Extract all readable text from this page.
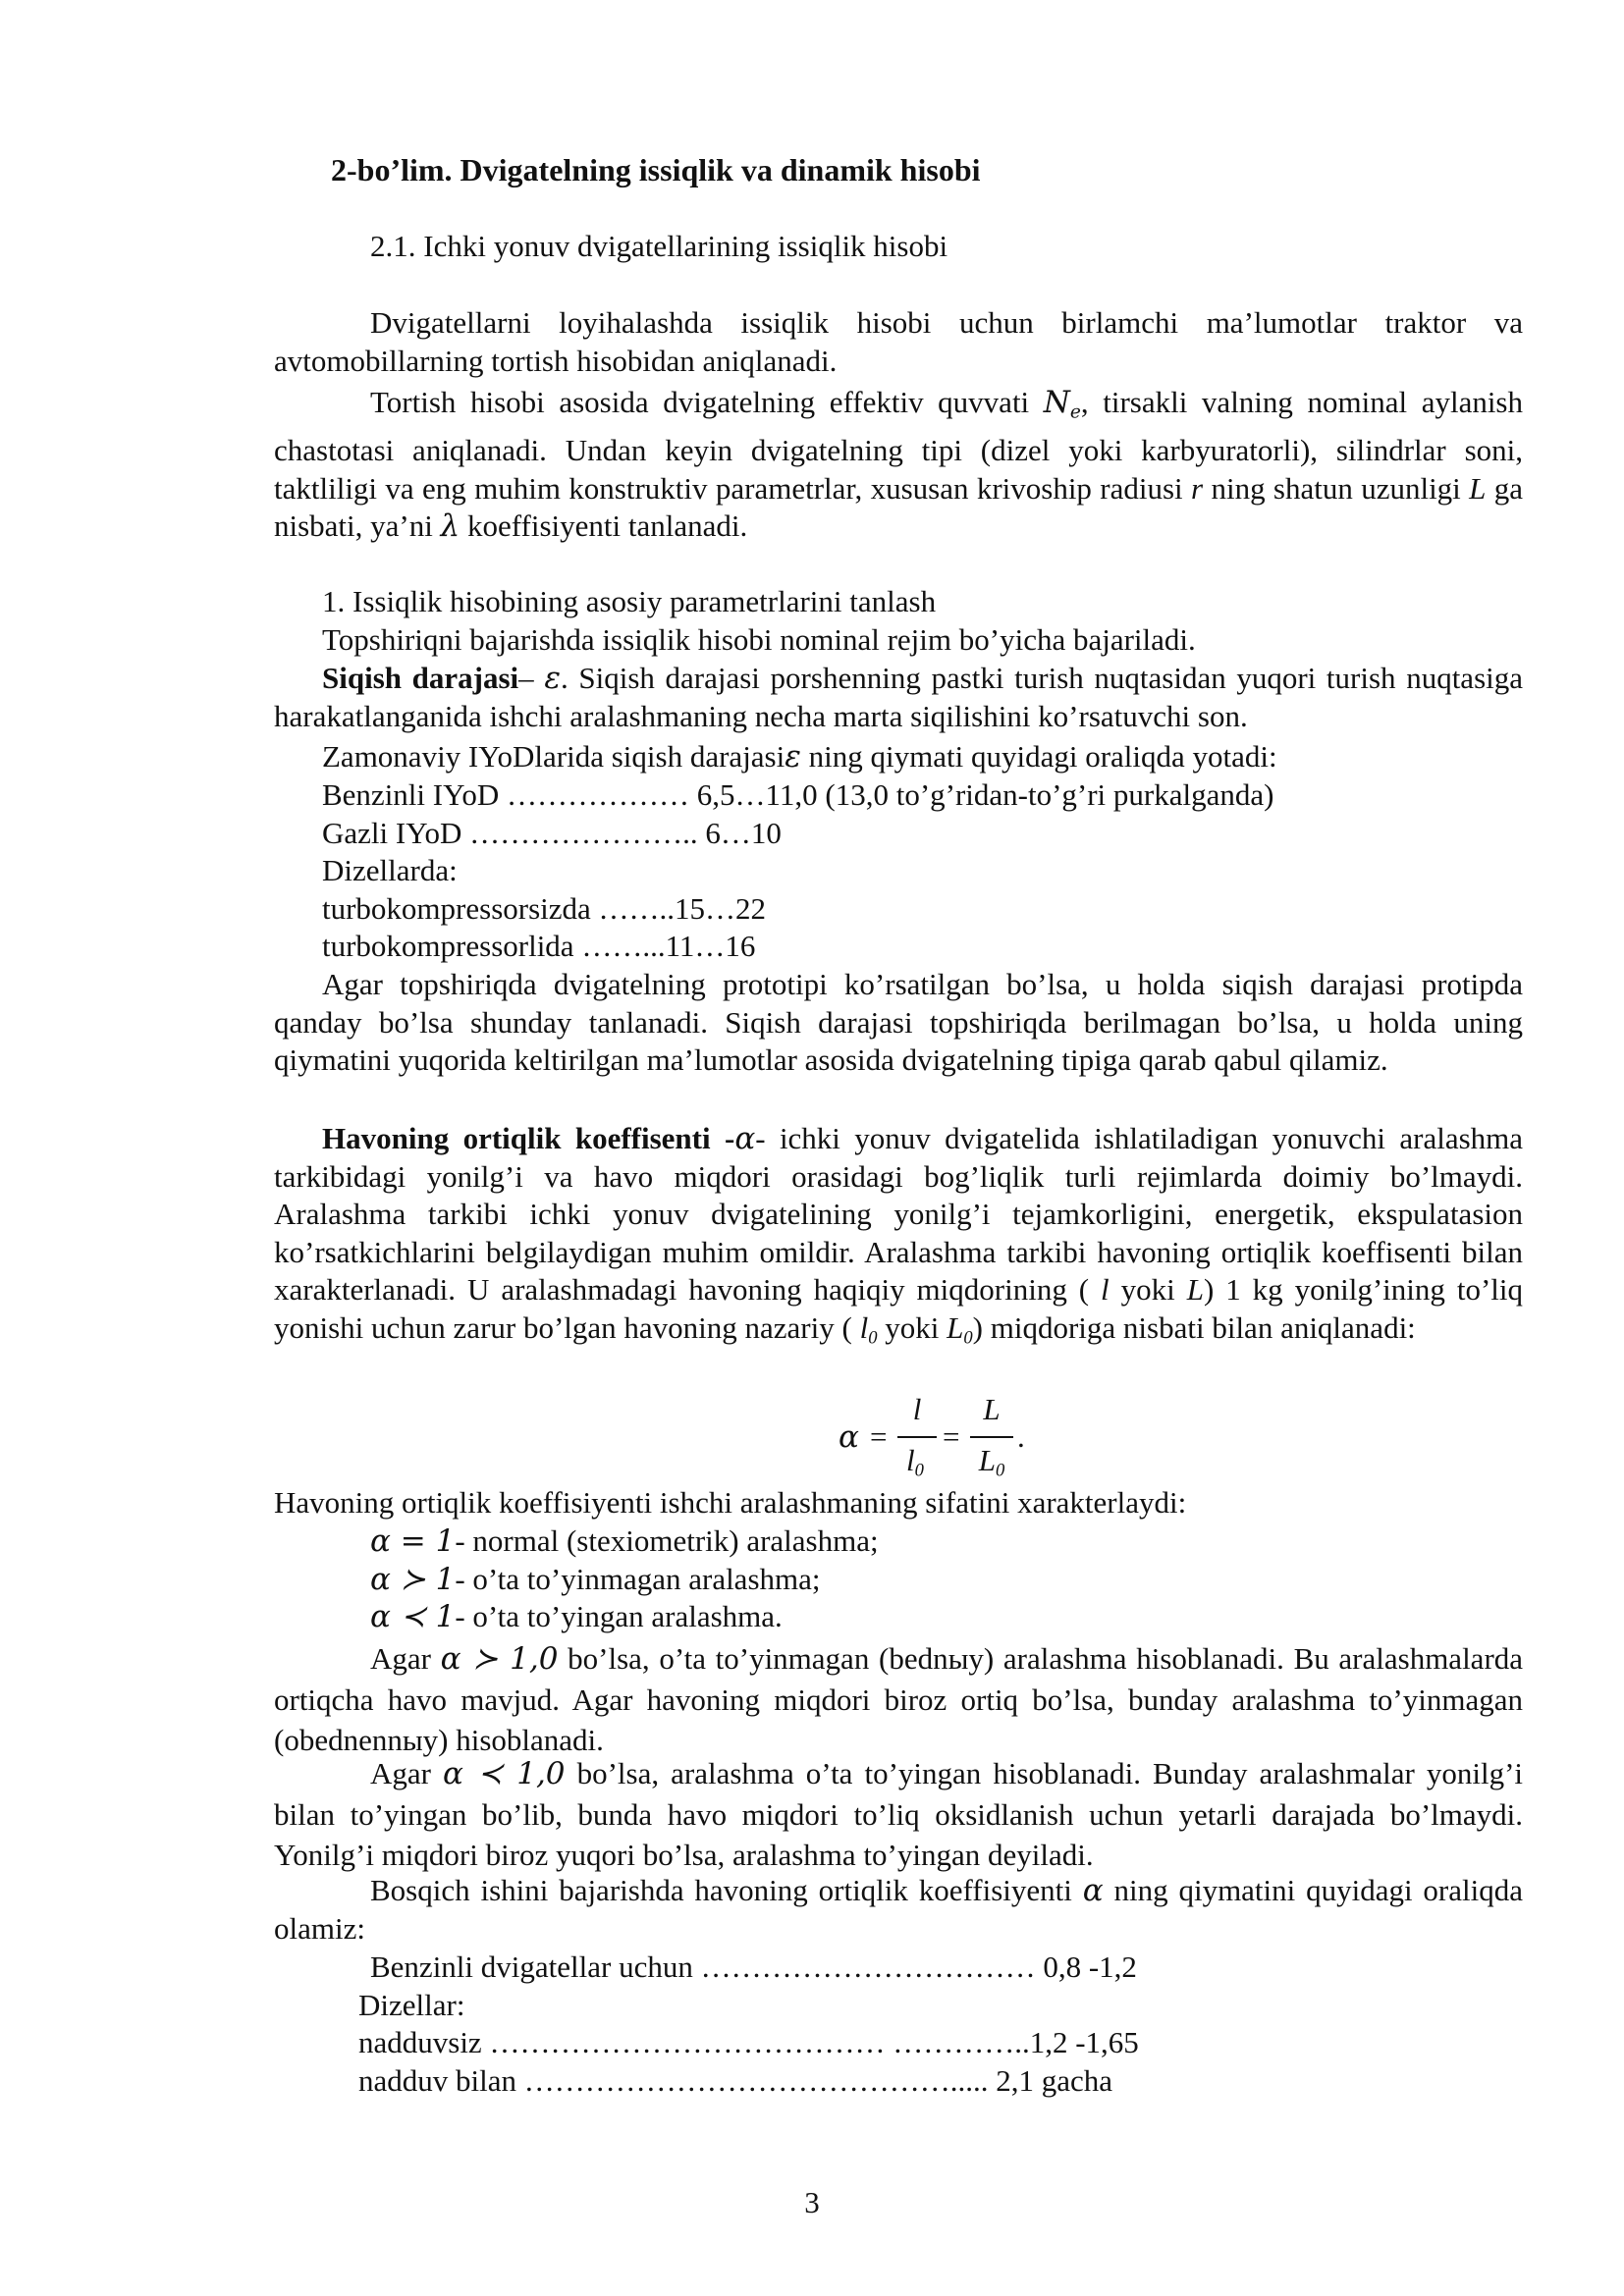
2-bo’lim. Dvigatelning issiqlik va dinamik hisobi

2.1. Ichki yonuv dvigatellarining issiqlik hisobi

Dvigatellarni loyihalashda issiqlik hisobi uchun birlamchi ma’lumotlar traktor va avtomobillarning tortish hisobidan aniqlanadi.

Tortish hisobi asosida dvigatelning effektiv quvvati $N_e$, tirsakli valning nominal aylanish chastotasi aniqlanadi. Undan keyin dvigatelning tipi (dizel yoki karbyuratorli), silindrlar soni, taktliligi va eng muhim konstruktiv parametrlar, xususan krivoship radiusi r ning shatun uzunligi L ga nisbati, ya’ni λ koeffisiyenti tanlanadi.

1. Issiqlik hisobining asosiy parametrlarini tanlash

Topshiriqni bajarishda issiqlik hisobi nominal rejim bo’yicha bajariladi.

Siqish darajasi– ε. Siqish darajasi porshenning pastki turish nuqtasidan yuqori turish nuqtasiga harakatlanganida ishchi aralashmaning necha marta siqilishini ko’rsatuvchi son.

Zamonaviy IYoDlarida siqish darajasiε ning qiymati quyidagi oraliqda yotadi:

Benzinli IYoD ……………… 6,5…11,0 (13,0 to’g’ridan-to’g’ri purkalganda)
Gazli IYoD ………………….. 6…10
Dizellarda:
turbokompressorsizda ……..15…22
turbokompressorlida ……...11…16

Agar topshiriqda dvigatelning prototipi ko’rsatilgan bo’lsa, u holda siqish darajasi protipda qanday bo’lsa shunday tanlanadi. Siqish darajasi topshiriqda berilmagan bo’lsa, u holda uning qiymatini yuqorida keltirilgan ma’lumotlar asosida dvigatelning tipiga qarab qabul qilamiz.

Havoning ortiqlik koeffisenti -α- ichki yonuv dvigatelida ishlatiladigan yonuvchi aralashma tarkibidagi yonilg’i va havo miqdori orasidagi bog’liqlik turli rejimlarda doimiy bo’lmaydi. Aralashma tarkibi ichki yonuv dvigatelining yonilg’i tejamkorligini, energetik, ekspulatasion ko’rsatkichlarini belgilaydigan muhim omildir. Aralashma tarkibi havoning ortiqlik koeffisenti bilan xarakterlanadi. U aralashmadagi havoning haqiqiy miqdorining ( l yoki L) 1 kg yonilg’ining to’liq yonishi uchun zarur bo’lgan havoning nazariy ( $l_0$ yoki $L_0$) miqdoriga nisbati bilan aniqlanadi:

Havoning ortiqlik koeffisiyenti ishchi aralashmaning sifatini xarakterlaydi:

α = 1- normal (stexiometrik) aralashma;
α ≻ 1- o’ta to’yinmagan aralashma;
α ≺ 1- o’ta to’yingan aralashma.

Agar α ≻ 1,0 bo’lsa, o’ta to’yinmagan (bednыy) aralashma hisoblanadi. Bu aralashmalarda ortiqcha havo mavjud. Agar havoning miqdori biroz ortiq bo’lsa, bunday aralashma to’yinmagan (obednennыy) hisoblanadi.

Agar α ≺ 1,0 bo’lsa, aralashma o’ta to’yingan hisoblanadi. Bunday aralashmalar yonilg’i bilan to’yingan bo’lib, bunda havo miqdori to’liq oksidlanish uchun yetarli darajada bo’lmaydi. Yonilg’i miqdori biroz yuqori bo’lsa, aralashma to’yingan deyiladi.

Bosqich ishini bajarishda havoning ortiqlik koeffisiyenti α ning qiymatini quyidagi oraliqda olamiz:

Benzinli dvigatellar uchun …………………………… 0,8 -1,2
Dizellar:
nadduvsiz ………………………………… …………..1,2 -1,65
nadduv bilan ……………………………………..... 2,1 gacha
α =
l
$l_0$
=
L
$L_0$
.
3
